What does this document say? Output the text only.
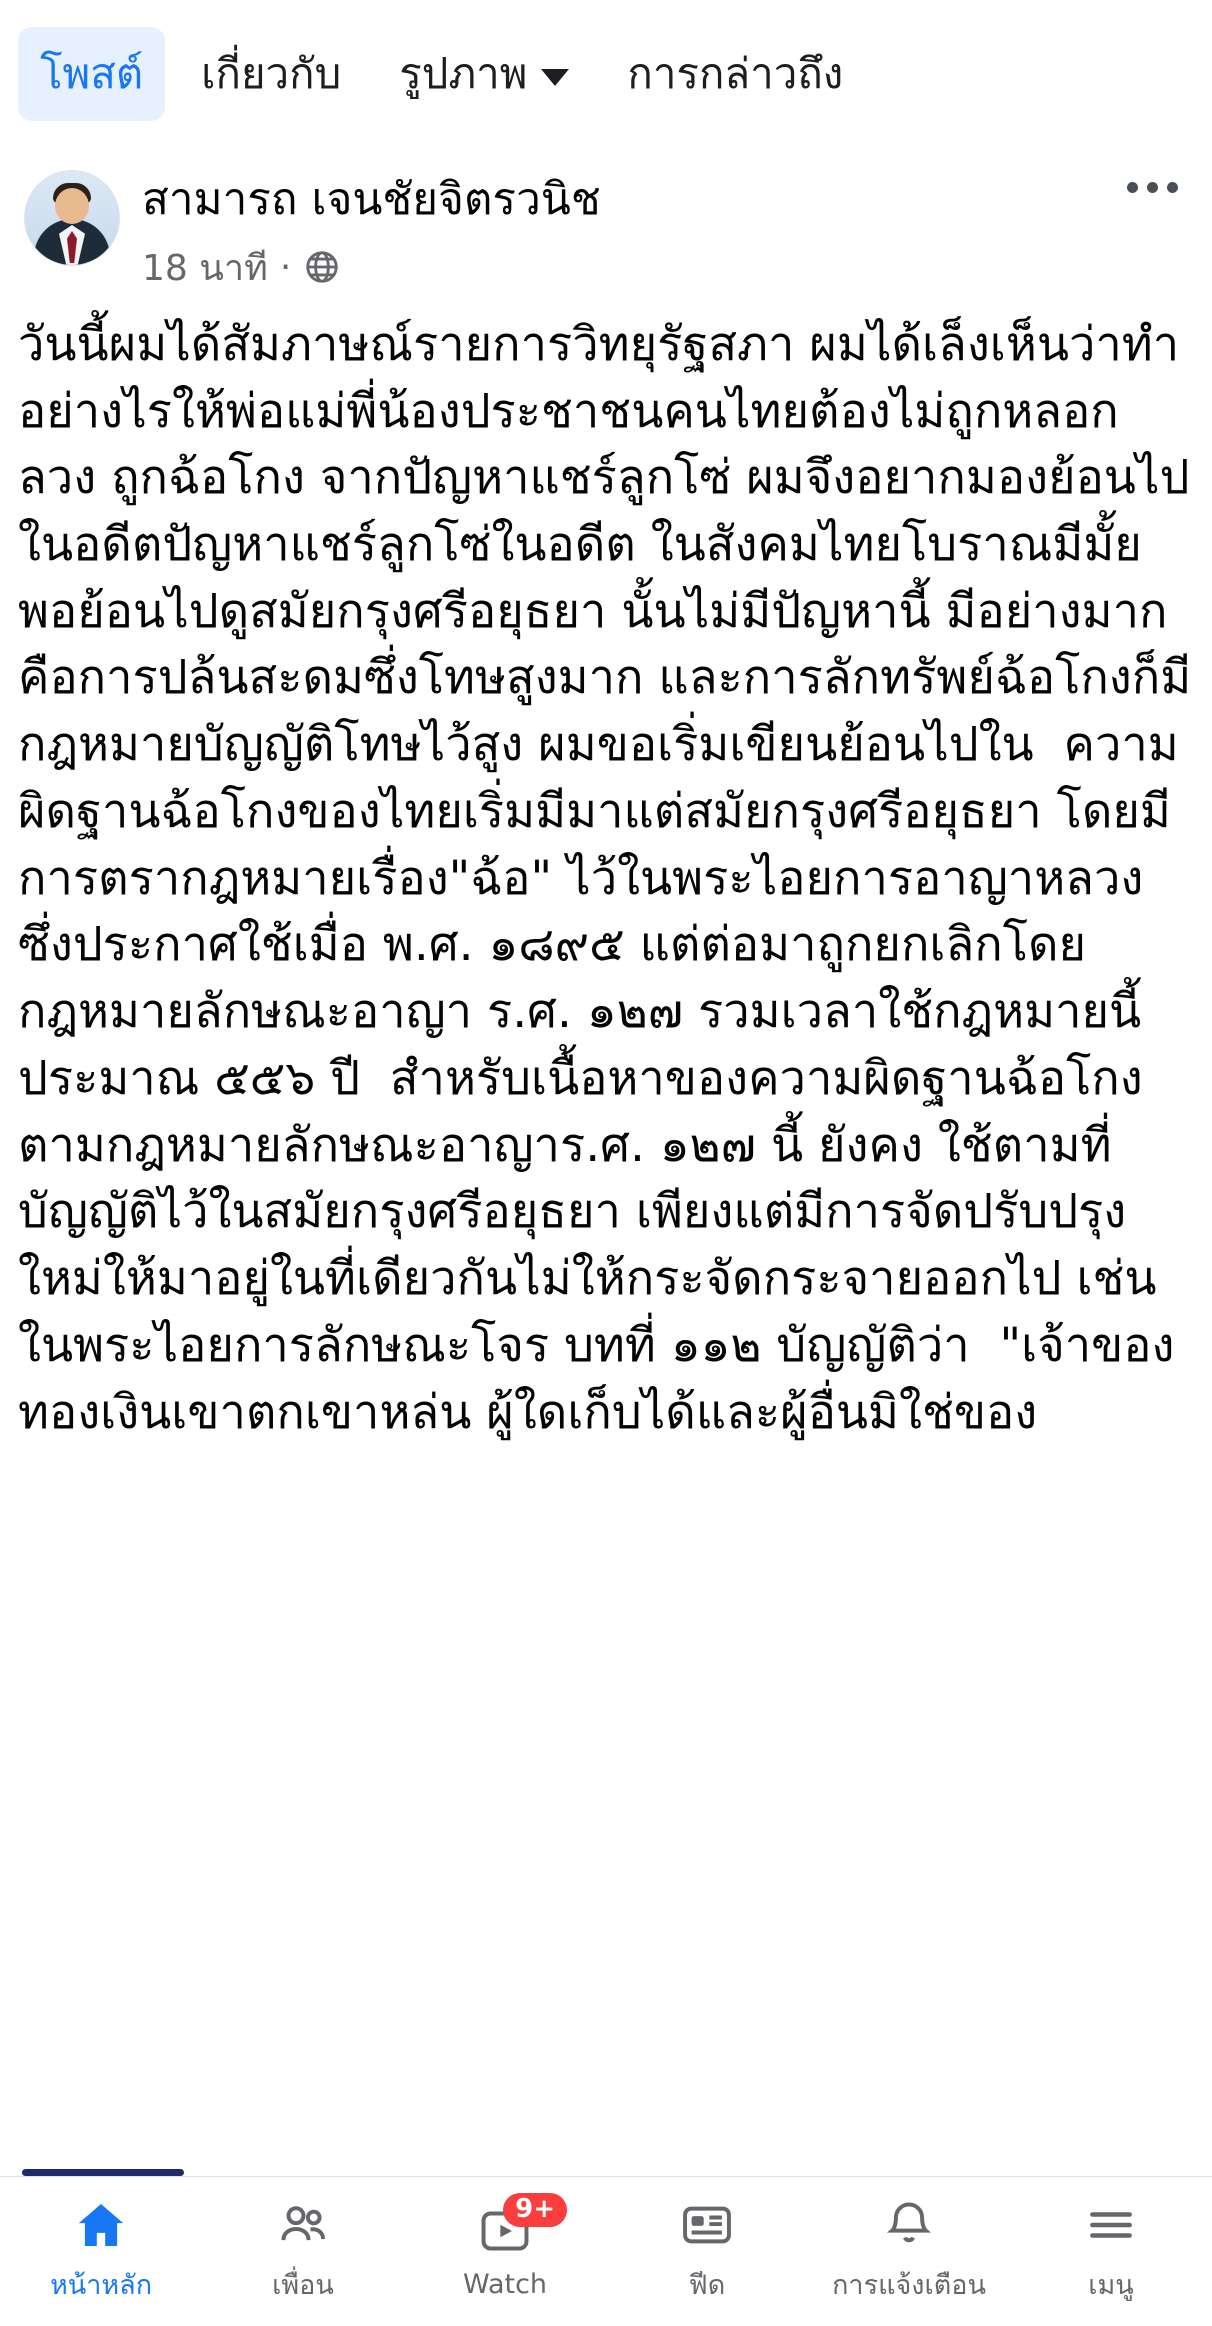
โพสต์ เกี่ยวกับ รูปภาพ การกล่าวถึง
สามารถ เจนชัยจิตรวนิช
18 นาที ·
วันนี้ผมได้สัมภาษณ์รายการวิทยุรัฐสภา ผมได้เล็งเห็นว่าทำอย่างไรให้พ่อแม่พี่น้องประชาชนคนไทยต้องไม่ถูกหลอกลวง ถูกฉ้อโกง จากปัญหาแชร์ลูกโซ่ ผมจึงอยากมองย้อนไปในอดีตปัญหาแชร์ลูกโซ่ในอดีต ในสังคมไทยโบราณมีมั้ย พอย้อนไปดูสมัยกรุงศรีอยุธยา นั้นไม่มีปัญหานี้ มีอย่างมากคือการปล้นสะดมซึ่งโทษสูงมาก และการลักทรัพย์ฉ้อโกงก็มีกฎหมายบัญญัติโทษไว้สูง ผมขอเริ่มเขียนย้อนไปใน  ความผิดฐานฉ้อโกงของไทยเริ่มมีมาแต่สมัยกรุงศรีอยุธยา โดยมีการตรากฎหมายเรื่อง"ฉ้อ" ไว้ในพระไอยการอาญาหลวง ซึ่งประกาศใช้เมื่อ พ.ศ. ๑๘๙๕ แต่ต่อมาถูกยกเลิกโดยกฎหมายลักษณะอาญา ร.ศ. ๑๒๗ รวมเวลาใช้กฎหมายนี้ประมาณ ๕๕๖ ปี  สำหรับเนื้อหาของความผิดฐานฉ้อโกงตามกฎหมายลักษณะอาญาร.ศ. ๑๒๗ นี้ ยังคง ใช้ตามที่บัญญัติไว้ในสมัยกรุงศรีอยุธยา เพียงแต่มีการจัดปรับปรุง ใหม่ให้มาอยู่ในที่เดียวกันไม่ให้กระจัดกระจายออกไป เช่น ในพระไอยการลักษณะโจร บทที่ ๑๑๒ บัญญัติว่า  "เจ้าของทองเงินเขาตกเขาหล่น ผู้ใดเก็บได้และผู้อื่นมิใช่ของ
หน้าหลัก	เพื่อน
9+
Watch	ฟีด	การแจ้งเตือน	เมนู
